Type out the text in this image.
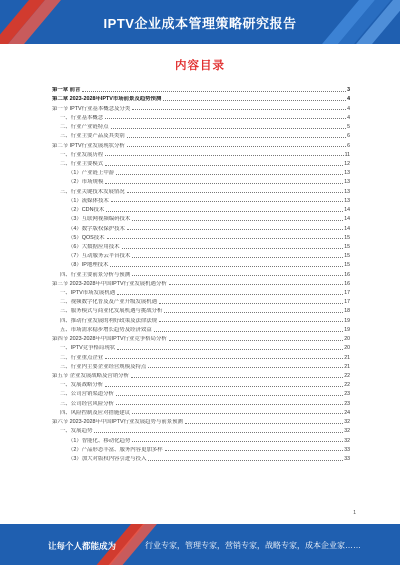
IPTV企业成本管理策略研究报告
内容目录
第一章 前言	3
第二章 2023-2028年IPTV市场前景及趋势预测	4
第一节 IPTV行业基本概念及分类	4
一、行业基本概念	4
二、行业产业链特点	5
三、行业主要产品及其类别	6
第二节 IPTV行业发展现状分析	6
一、行业发展历程	11
二、行业主要模式	12
（1）产业链上中游	13
（2）市场规模	13
三、行业关键技术发展情况	13
（1）流媒体技术	13
（2）CDN技术	14
（3）互联网视频编码技术	14
（4）数字版权保护技术	14
（5）QOS技术	15
（6）大数据应用技术	15
（7）互动服务云平台技术	15
（8）IP地理技术	15
四、行业主要前景分析与预测	16
第三节 2023-2028年中国IPTV行业发展机遇分析	16
一、IPTV市场发展机遇	17
二、视频数字化普及及产业升级发展机遇	17
三、服务模式与商业化发展机遇与挑战分析	18
四、推动行业发展的利好政策及法律法规	19
五、市场需求稳步增长趋势及经济效益	19
第四节 2023-2028年中国IPTV行业竞争格局分析	20
一、IPTV竞争格局现状	20
二、行业重点企业	21
三、行业内主要企业经营规模及特点	21
第五节 企业发展战略及营销分析	22
一、发展战略分析	22
二、公司营销渠道分析	23
三、公司经营风险分析	23
四、风险控制及应对措施建议	24
第六节 2023-2028年中国IPTV行业发展趋势与前景预测	32
一、发展趋势	32
（1）智能化、移动化趋势	32
（2）产品形态丰富、服务内容更加多样	33
（3）加大对版权内容引进与投入	33
1
让每个人都能成为	行业专家，管理专家，营销专家，战略专家，成本企业家……
